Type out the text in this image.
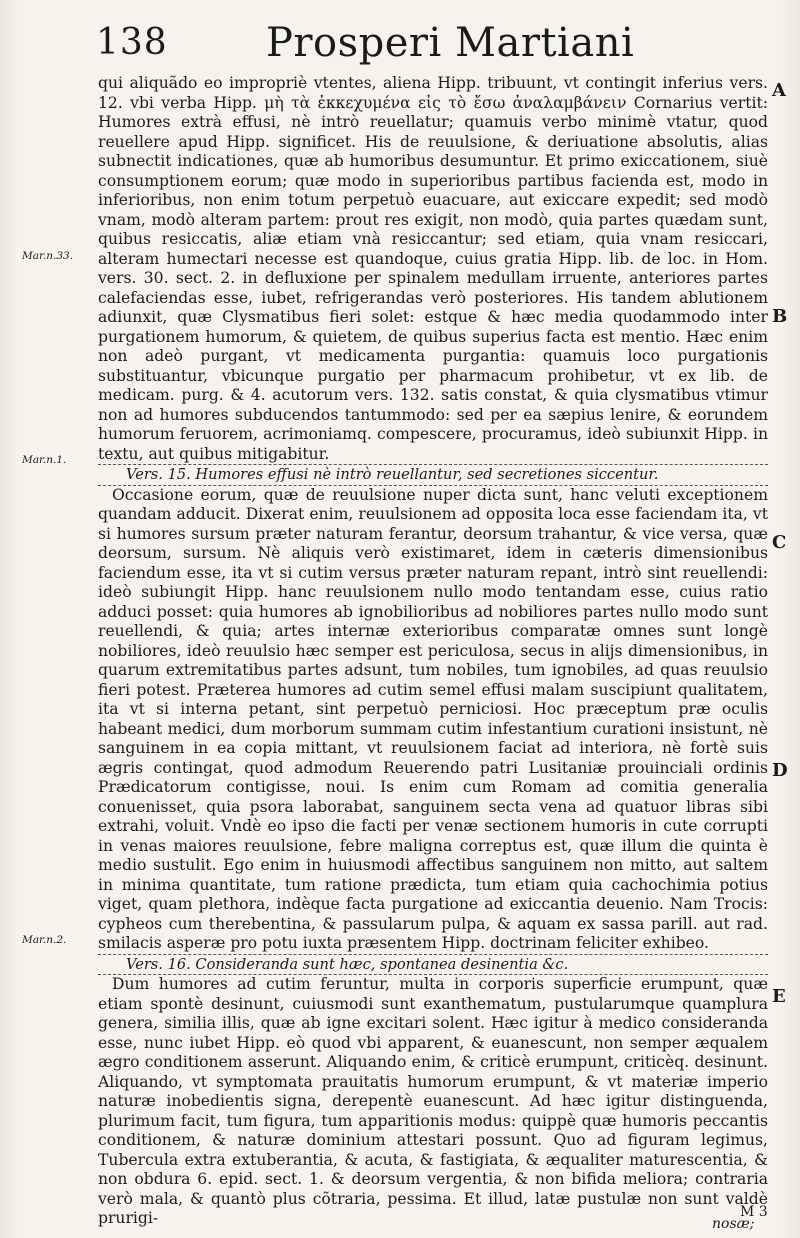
138 Prosperi Martiani
Mar.n.33.
Mar.n.1.
Mar.n.2.
A
B
C
D
E

qui aliquãdo eo impropriè vtentes, aliena Hipp. tribuunt, vt contingit inferius vers. 12. vbi verba Hipp. μὴ τὰ ἐκκεχυμένα εἰς τὸ ἔσω ἀναλαμβάνειν Cornarius vertit: Humores extrà effusi, nè intrò reuellatur; quamuis verbo minimè vtatur, quod reuellere apud Hipp. significet. His de reuulsione, & deriuatione absolutis, alias subnectit indicationes, quæ ab humoribus desumuntur. Et primo exiccationem, siuè consumptionem eorum; quæ modo in superioribus partibus facienda est, modo in inferioribus, non enim totum perpetuò euacuare, aut exiccare expedit; sed modò vnam, modò alteram partem: prout res exigit, non modò, quia partes quædam sunt, quibus resiccatis, aliæ etiam vnà resiccantur; sed etiam, quia vnam resiccari, alteram humectari necesse est quandoque, cuius gratia Hipp. lib. de loc. in Hom. vers. 30. sect. 2. in defluxione per spinalem medullam irruente, anteriores partes calefaciendas esse, iubet, refrigerandas verò posteriores. His tandem ablutionem adiunxit, quæ Clysmatibus fieri solet: estque & hæc media quodammodo inter purgationem humorum, & quietem, de quibus superius facta est mentio. Hæc enim non adeò purgant, vt medicamenta purgantia: quamuis loco purgationis substituantur, vbicunque purgatio per pharmacum prohibetur, vt ex lib. de medicam. purg. & 4. acutorum vers. 132. satis constat, & quia clysmatibus vtimur non ad humores subducendos tantummodo: sed per ea sæpius lenire, & eorundem humorum feruorem, acrimoniamq. compescere, procuramus, ideò subiunxit Hipp. in textu, aut quibus mitigabitur.

Vers. 15. Humores effusi nè intrò reuellantur, sed secretiones siccentur.

Occasione eorum, quæ de reuulsione nuper dicta sunt, hanc veluti exceptionem quandam adducit. Dixerat enim, reuulsionem ad opposita loca esse faciendam ita, vt si humores sursum præter naturam ferantur, deorsum trahantur, & vice versa, quæ deorsum, sursum. Nè aliquis verò existimaret, idem in cæteris dimensionibus faciendum esse, ita vt si cutim versus præter naturam repant, intrò sint reuellendi: ideò subiungit Hipp. hanc reuulsionem nullo modo tentandam esse, cuius ratio adduci posset: quia humores ab ignobilioribus ad nobiliores partes nullo modo sunt reuellendi, & quia; artes internæ exterioribus comparatæ omnes sunt longè nobiliores, ideò reuulsio hæc semper est periculosa, secus in alijs dimensionibus, in quarum extremitatibus partes adsunt, tum nobiles, tum ignobiles, ad quas reuulsio fieri potest. Præterea humores ad cutim semel effusi malam suscipiunt qualitatem, ita vt si interna petant, sint perpetuò perniciosi. Hoc præceptum præ oculis habeant medici, dum morborum summam cutim infestantium curationi insistunt, nè sanguinem in ea copia mittant, vt reuulsionem faciat ad interiora, nè fortè suis ægris contingat, quod admodum Reuerendo patri Lusitaniæ prouinciali ordinis Prædicatorum contigisse, noui. Is enim cum Romam ad comitia generalia conuenisset, quia psora laborabat, sanguinem secta vena ad quatuor libras sibi extrahi, voluit. Vndè eo ipso die facti per venæ sectionem humoris in cute corrupti in venas maiores reuulsione, febre maligna correptus est, quæ illum die quinta è medio sustulit. Ego enim in huiusmodi affectibus sanguinem non mitto, aut saltem in minima quantitate, tum ratione prædicta, tum etiam quia cachochimia potius viget, quam plethora, indèque facta purgatione ad exiccantia deuenio. Nam Trocis: cypheos cum therebentina, & passularum pulpa, & aquam ex sassa parill. aut rad. smilacis asperæ pro potu iuxta præsentem Hipp. doctrinam feliciter exhibeo.

Vers. 16. Consideranda sunt hæc, spontanea desinentia &c.

Dum humores ad cutim feruntur, multa in corporis superficie erumpunt, quæ etiam spontè desinunt, cuiusmodi sunt exanthematum, pustularumque quamplura genera, similia illis, quæ ab igne excitari solent. Hæc igitur à medico consideranda esse, nunc iubet Hipp. eò quod vbi apparent, & euanescunt, non semper æqualem ægro conditionem asserunt. Aliquando enim, & criticè erumpunt, criticèq. desinunt. Aliquando, vt symptomata prauitatis humorum erumpunt, & vt materiæ imperio naturæ inobedientis signa, derepentè euanescunt. Ad hæc igitur distinguenda, plurimum facit, tum figura, tum apparitionis modus: quippè quæ humoris peccantis conditionem, & naturæ dominium attestari possunt. Quo ad figuram legimus, Tubercula extra extuberantia, & acuta, & fastigiata, & æqualiter maturescentia, & non obdura 6. epid. sect. 1. & deorsum vergentia, & non bifida meliora; contraria verò mala, & quantò plus cõtraria, pessima. Et illud, latæ pustulæ non sunt valdè prurigi-	M 3
nosæ;
